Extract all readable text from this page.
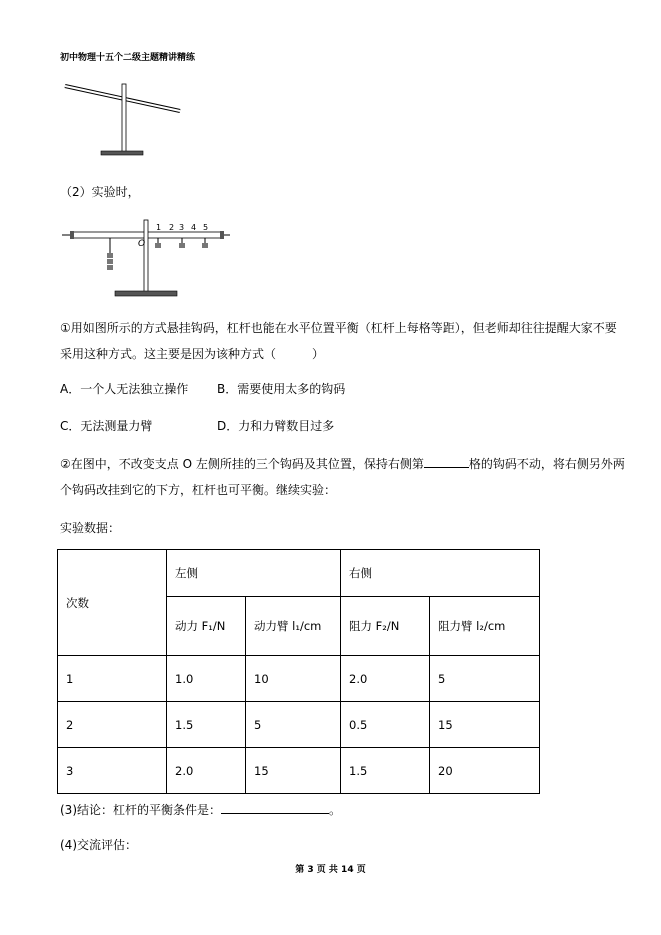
初中物理十五个二级主题精讲精练
（2）实验时，
O
1 2 3 4 5
①用如图所示的方式悬挂钩码，杠杆也能在水平位置平衡（杠杆上每格等距），但老师却往往提醒大家不要
采用这种方式。这主要是因为该种方式（　　　）
A．一个人无法独立操作 B．需要使用太多的钩码
C．无法测量力臂	D．力和力臂数目过多
②在图中，不改变支点 O 左侧所挂的三个钩码及其位置，保持右侧第	格的钩码不动，将右侧另外两
个钩码改挂到它的下方，杠杆也可平衡。继续实验：
实验数据：
次数	左侧		右侧	
	动力 F₁/N	动力臂 l₁/cm	阻力 F₂/N	阻力臂 l₂/cm
1	1.0	10	2.0	5
2	1.5	5	0.5	15
3	2.0	15	1.5	20
(3)结论：杠杆的平衡条件是：	。
(4)交流评估：
第 3 页 共 14 页
